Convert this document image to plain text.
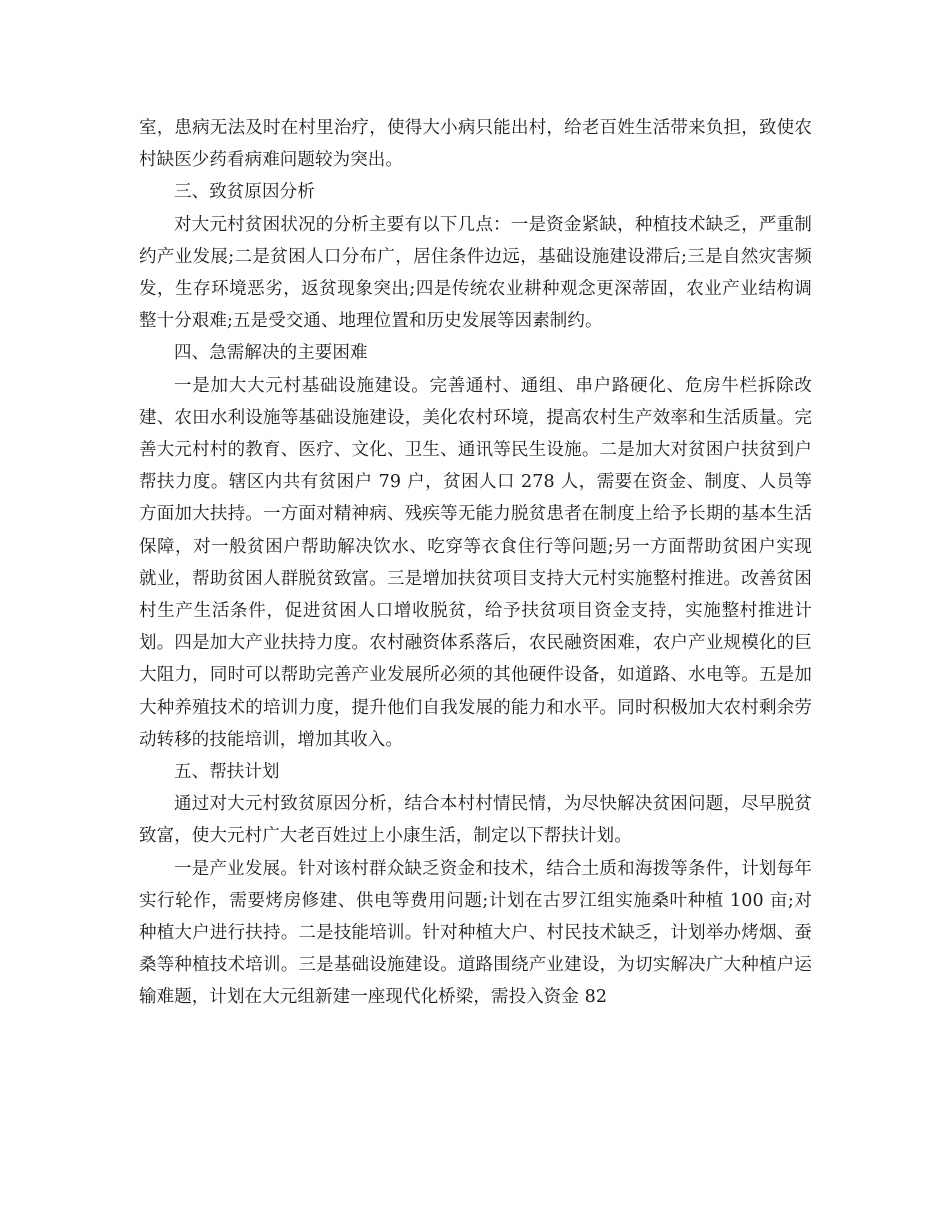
室，患病无法及时在村里治疗，使得大小病只能出村，给老百姓生活带来负担，致使农村缺医少药看病难问题较为突出。

三、致贫原因分析

对大元村贫困状况的分析主要有以下几点：一是资金紧缺，种植技术缺乏，严重制约产业发展;二是贫困人口分布广，居住条件边远，基础设施建设滞后;三是自然灾害频发，生存环境恶劣，返贫现象突出;四是传统农业耕种观念更深蒂固，农业产业结构调整十分艰难;五是受交通、地理位置和历史发展等因素制约。

四、急需解决的主要困难

一是加大大元村基础设施建设。完善通村、通组、串户路硬化、危房牛栏拆除改建、农田水利设施等基础设施建设，美化农村环境，提高农村生产效率和生活质量。完善大元村村的教育、医疗、文化、卫生、通讯等民生设施。二是加大对贫困户扶贫到户帮扶力度。辖区内共有贫困户 79 户，贫困人口 278 人，需要在资金、制度、人员等方面加大扶持。一方面对精神病、残疾等无能力脱贫患者在制度上给予长期的基本生活保障，对一般贫困户帮助解决饮水、吃穿等衣食住行等问题;另一方面帮助贫困户实现就业，帮助贫困人群脱贫致富。三是增加扶贫项目支持大元村实施整村推进。改善贫困村生产生活条件，促进贫困人口增收脱贫，给予扶贫项目资金支持，实施整村推进计划。四是加大产业扶持力度。农村融资体系落后，农民融资困难，农户产业规模化的巨大阻力，同时可以帮助完善产业发展所必须的其他硬件设备，如道路、水电等。五是加大种养殖技术的培训力度，提升他们自我发展的能力和水平。同时积极加大农村剩余劳动转移的技能培训，增加其收入。

五、帮扶计划

通过对大元村致贫原因分析，结合本村村情民情，为尽快解决贫困问题，尽早脱贫致富，使大元村广大老百姓过上小康生活，制定以下帮扶计划。

一是产业发展。针对该村群众缺乏资金和技术，结合土质和海拨等条件，计划每年实行轮作，需要烤房修建、供电等费用问题;计划在古罗江组实施桑叶种植 100 亩;对种植大户进行扶持。二是技能培训。针对种植大户、村民技术缺乏，计划举办烤烟、蚕桑等种植技术培训。三是基础设施建设。道路围绕产业建设，为切实解决广大种植户运输难题，计划在大元组新建一座现代化桥梁，需投入资金 82
